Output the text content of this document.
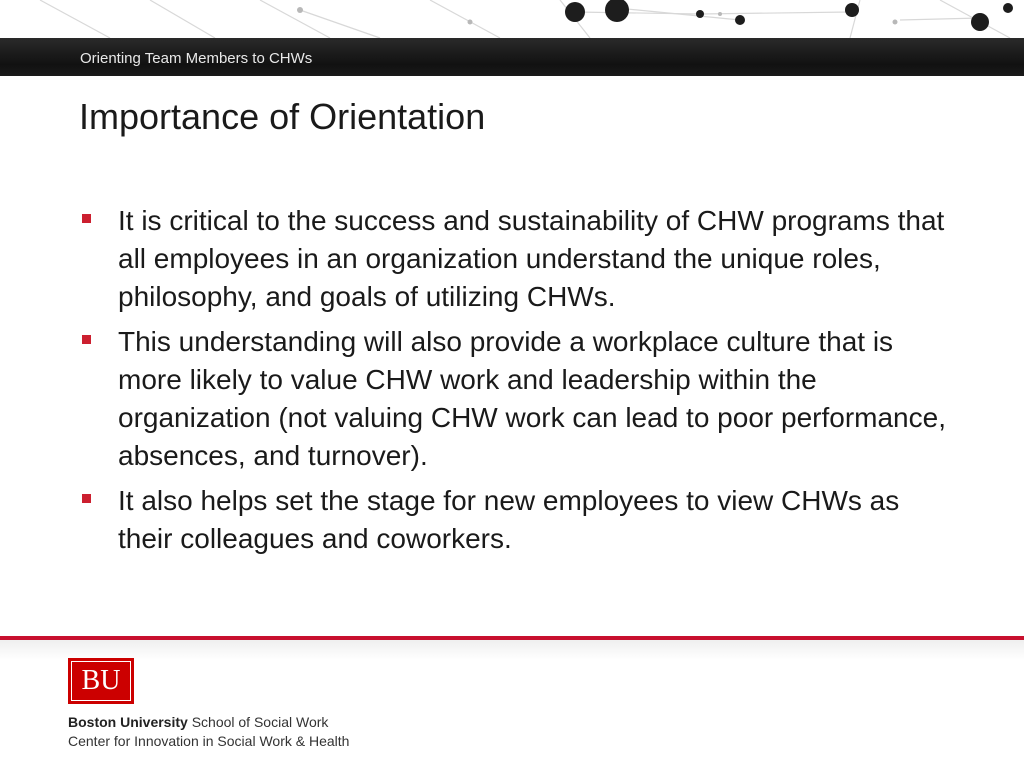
Orienting Team Members to CHWs
Importance of Orientation
It is critical to the success and sustainability of CHW programs that all employees in an organization understand the unique roles, philosophy, and goals of utilizing CHWs.
This understanding will also provide a workplace culture that is more likely to value CHW work and leadership within the organization (not valuing CHW work can lead to poor performance, absences, and turnover).
It also helps set the stage for new employees to view CHWs as their colleagues and coworkers.
BU
Boston University School of Social Work
Center for Innovation in Social Work & Health
